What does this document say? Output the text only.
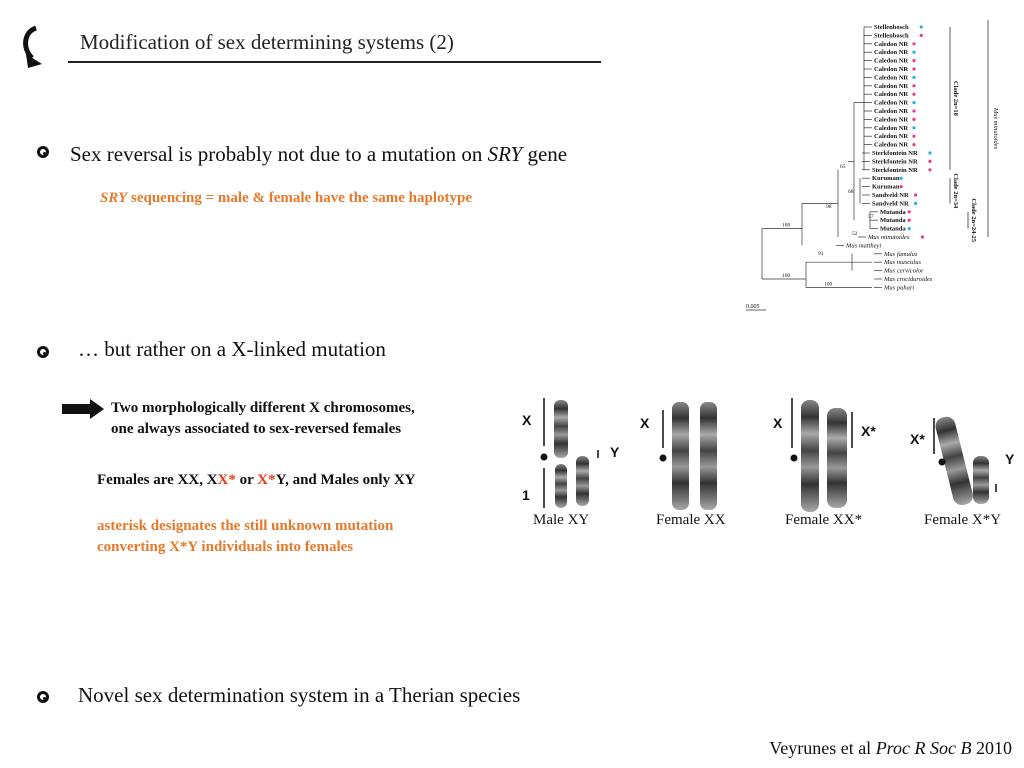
Modification of sex determining systems (2)
Sex reversal is probably not due to a mutation on SRY gene
SRY sequencing = male & female have the same haplotype
… but rather on a X-linked mutation
Two morphologically different X chromosomes,
one always associated to sex-reversed females
Females are XX, XX* or X*Y, and Males only XY
asterisk designates the still unknown mutation
converting X*Y individuals into females
X
Y
1
X	X	X* X*
Y
Male XY	Female XX	Female XX*	Female X*Y
Stellenbosch
Stellenbosch
Caledon NR
Caledon NR
Caledon NR
Caledon NR
Caledon NR
Caledon NR
Caledon NR
Caledon NR
Caledon NR
Caledon NR
Caledon NR
Caledon NR
Caledon NR
Sterkfontein NR
Sterkfontein NR
Sterkfontein NR
Kuruman
Kuruman
Sandveld NR
Sandveld NR
Mutanda
Mutanda
Mutanda
Mus minutoides
Mus mattheyi
Mus famulus
Mus musculus
Mus cervicolor
Mus crociduroides
Mus pahari
65
98
68
52
57
100
91
100
100
Clade 2n=18
Clade 2n=34
Clade 2n=24-25
Mus minutoides
0.005
Novel sex determination system in a Therian species
Veyrunes et al Proc R Soc B 2010
